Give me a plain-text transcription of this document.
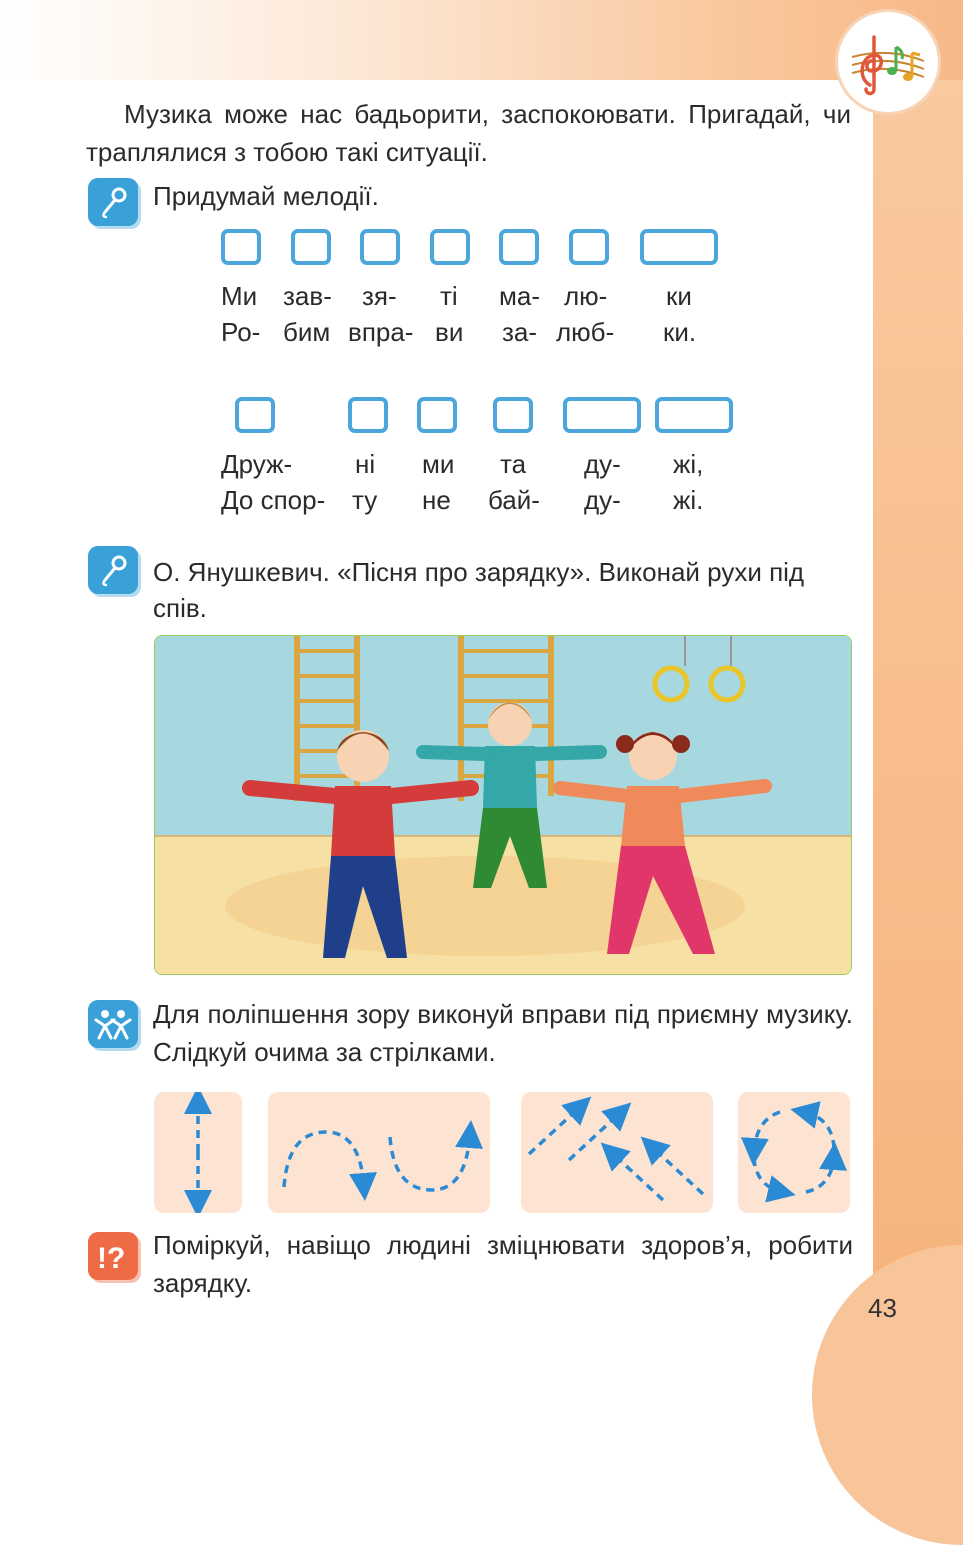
Музика може нас бадьорити, заспокоювати. Пригадай, чи траплялися з тобою такі ситуації.

Придумай мелодії.

Ми зав- зя- ті ма- лю- ки
Ро- бим впра- ви за- люб- ки.
Друж- ні ми та ду- жі,
До спор- ту не бай- ду- жі.

О. Янушкевич. «Пісня про зарядку». Виконай рухи під спів.

Для поліпшення зору виконуй вправи під приємну музику. Слідкуй очима за стрілками.

!? Поміркуй, навіщо людині зміцнювати здоров’я, робити зарядку.

43
